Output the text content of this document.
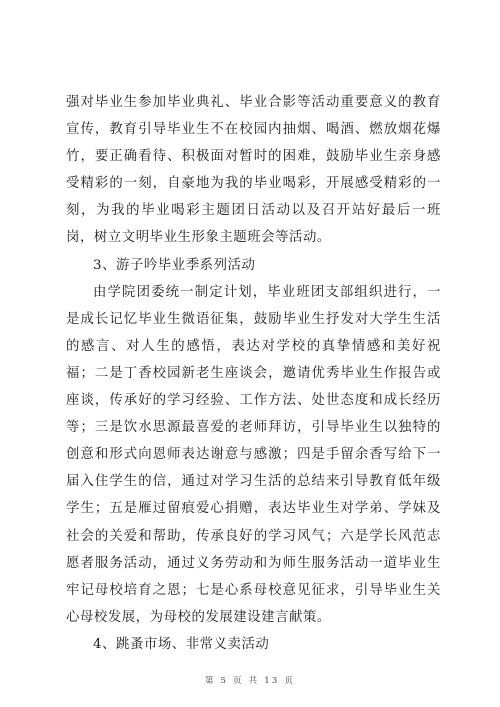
强对毕业生参加毕业典礼、毕业合影等活动重要意义的教育宣传，教育引导毕业生不在校园内抽烟、喝酒、燃放烟花爆竹，要正确看待、积极面对暂时的困难，鼓励毕业生亲身感受精彩的一刻，自豪地为我的毕业喝彩，开展感受精彩的一刻，为我的毕业喝彩主题团日活动以及召开站好最后一班岗，树立文明毕业生形象主题班会等活动。

3、游子吟毕业季系列活动

由学院团委统一制定计划，毕业班团支部组织进行，一是成长记忆毕业生微语征集，鼓励毕业生抒发对大学生生活的感言、对人生的感悟，表达对学校的真挚情感和美好祝福；二是丁香校园新老生座谈会，邀请优秀毕业生作报告或座谈，传承好的学习经验、工作方法、处世态度和成长经历等；三是饮水思源最喜爱的老师拜访，引导毕业生以独特的创意和形式向恩师表达谢意与感激；四是手留余香写给下一届入住学生的信，通过对学习生活的总结来引导教育低年级学生；五是雁过留痕爱心捐赠，表达毕业生对学弟、学妹及社会的关爱和帮助，传承良好的学习风气；六是学长风范志愿者服务活动，通过义务劳动和为师生服务活动一道毕业生牢记母校培育之恩；七是心系母校意见征求，引导毕业生关心母校发展，为母校的发展建设建言献策。

4、跳蚤市场、非常义卖活动

第 5 页 共 13 页
